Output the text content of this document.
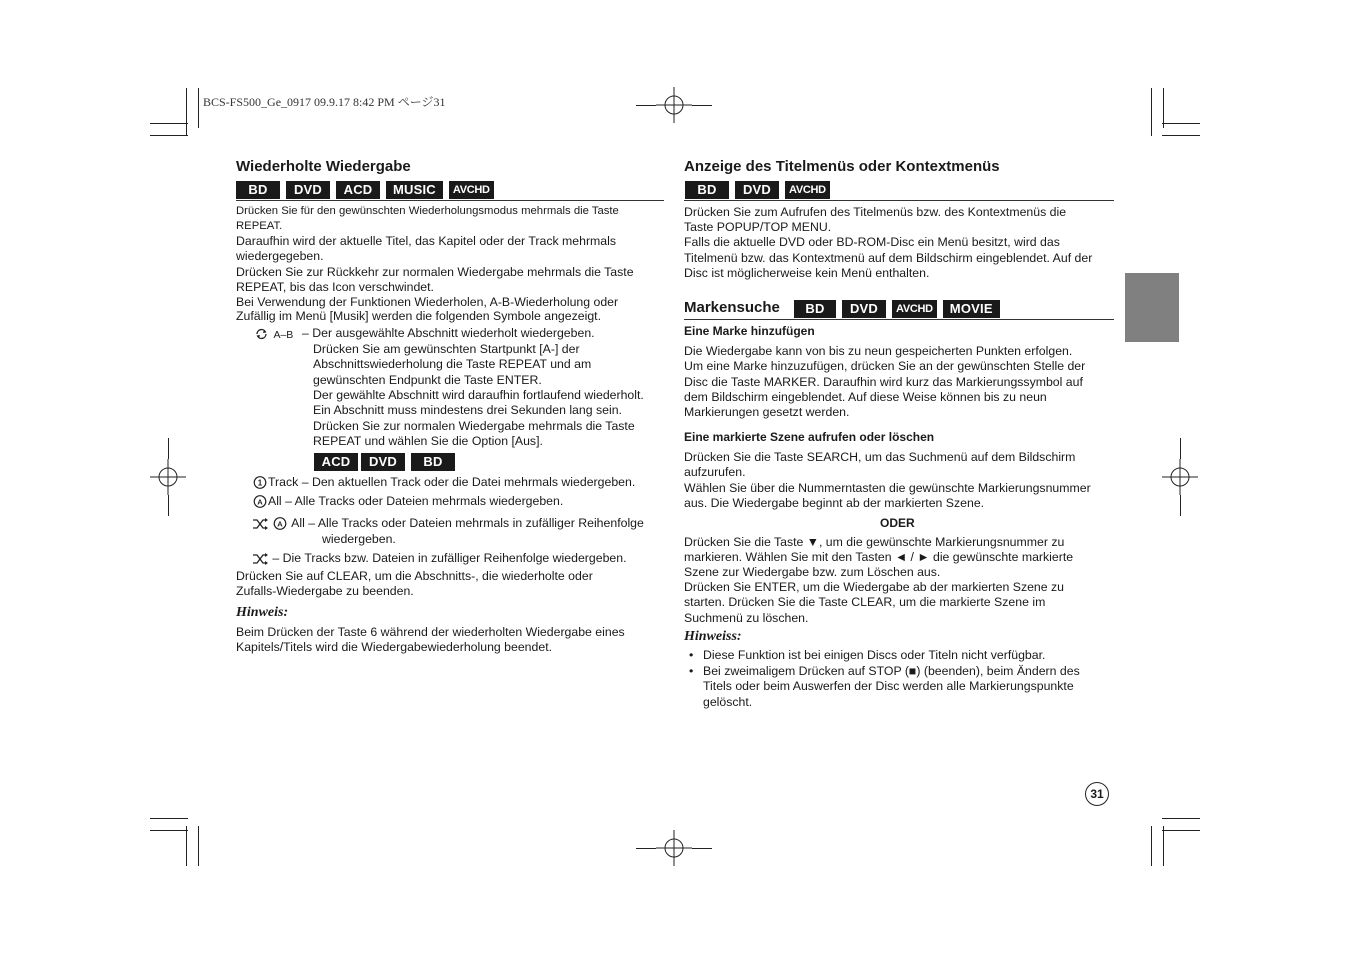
BCS-FS500_Ge_0917 09.9.17 8:42 PM ページ31
Wiederholte Wiedergabe
BD DVD ACD MUSIC AVCHD
Drücken Sie für den gewünschten Wiederholungsmodus mehrmals die Taste
REPEAT.
Daraufhin wird der aktuelle Titel, das Kapitel oder der Track mehrmals
wiedergegeben.
Drücken Sie zur Rückkehr zur normalen Wiedergabe mehrmals die Taste
REPEAT, bis das Icon verschwindet.
Bei Verwendung der Funktionen Wiederholen, A-B-Wiederholung oder
Zufällig im Menü [Musik] werden die folgenden Symbole angezeigt.
A–B – Der ausgewählte Abschnitt wiederholt wiedergeben.
Drücken Sie am gewünschten Startpunkt [A-] der
Abschnittswiederholung die Taste REPEAT und am
gewünschten Endpunkt die Taste ENTER.
Der gewählte Abschnitt wird daraufhin fortlaufend wiederholt.
Ein Abschnitt muss mindestens drei Sekunden lang sein.
Drücken Sie zur normalen Wiedergabe mehrmals die Taste
REPEAT und wählen Sie die Option [Aus].
ACD DVD BD
1 Track – Den aktuellen Track oder die Datei mehrmals wiedergeben.
A All – Alle Tracks oder Dateien mehrmals wiedergeben.

A All – Alle Tracks oder Dateien mehrmals in zufälliger Reihenfolge
wiedergeben.
– Die Tracks bzw. Dateien in zufälliger Reihenfolge wiedergeben.
Drücken Sie auf CLEAR, um die Abschnitts-, die wiederholte oder
Zufalls-Wiedergabe zu beenden.
Hinweis:
Beim Drücken der Taste 6 während der wiederholten Wiedergabe eines
Kapitels/Titels wird die Wiedergabewiederholung beendet.
Anzeige des Titelmenüs oder Kontextmenüs
BD DVD AVCHD
Drücken Sie zum Aufrufen des Titelmenüs bzw. des Kontextmenüs die
Taste POPUP/TOP MENU.
Falls die aktuelle DVD oder BD-ROM-Disc ein Menü besitzt, wird das
Titelmenü bzw. das Kontextmenü auf dem Bildschirm eingeblendet. Auf der
Disc ist möglicherweise kein Menü enthalten.
Markensuche	BD DVD AVCHD MOVIE
Eine Marke hinzufügen
Die Wiedergabe kann von bis zu neun gespeicherten Punkten erfolgen.
Um eine Marke hinzuzufügen, drücken Sie an der gewünschten Stelle der
Disc die Taste MARKER. Daraufhin wird kurz das Markierungssymbol auf
dem Bildschirm eingeblendet. Auf diese Weise können bis zu neun
Markierungen gesetzt werden.
Eine markierte Szene aufrufen oder löschen
Drücken Sie die Taste SEARCH, um das Suchmenü auf dem Bildschirm
aufzurufen.
Wählen Sie über die Nummerntasten die gewünschte Markierungsnummer
aus. Die Wiedergabe beginnt ab der markierten Szene.
ODER
Drücken Sie die Taste ▼, um die gewünschte Markierungsnummer zu
markieren. Wählen Sie mit den Tasten ◄ / ► die gewünschte markierte
Szene zur Wiedergabe bzw. zum Löschen aus.
Drücken Sie ENTER, um die Wiedergabe ab der markierten Szene zu
starten. Drücken Sie die Taste CLEAR, um die markierte Szene im
Suchmenü zu löschen.
Hinweiss:
• Diese Funktion ist bei einigen Discs oder Titeln nicht verfügbar.
• Bei zweimaligem Drücken auf STOP (■) (beenden), beim Ändern des
Titels oder beim Auswerfen der Disc werden alle Markierungspunkte
gelöscht.
31
